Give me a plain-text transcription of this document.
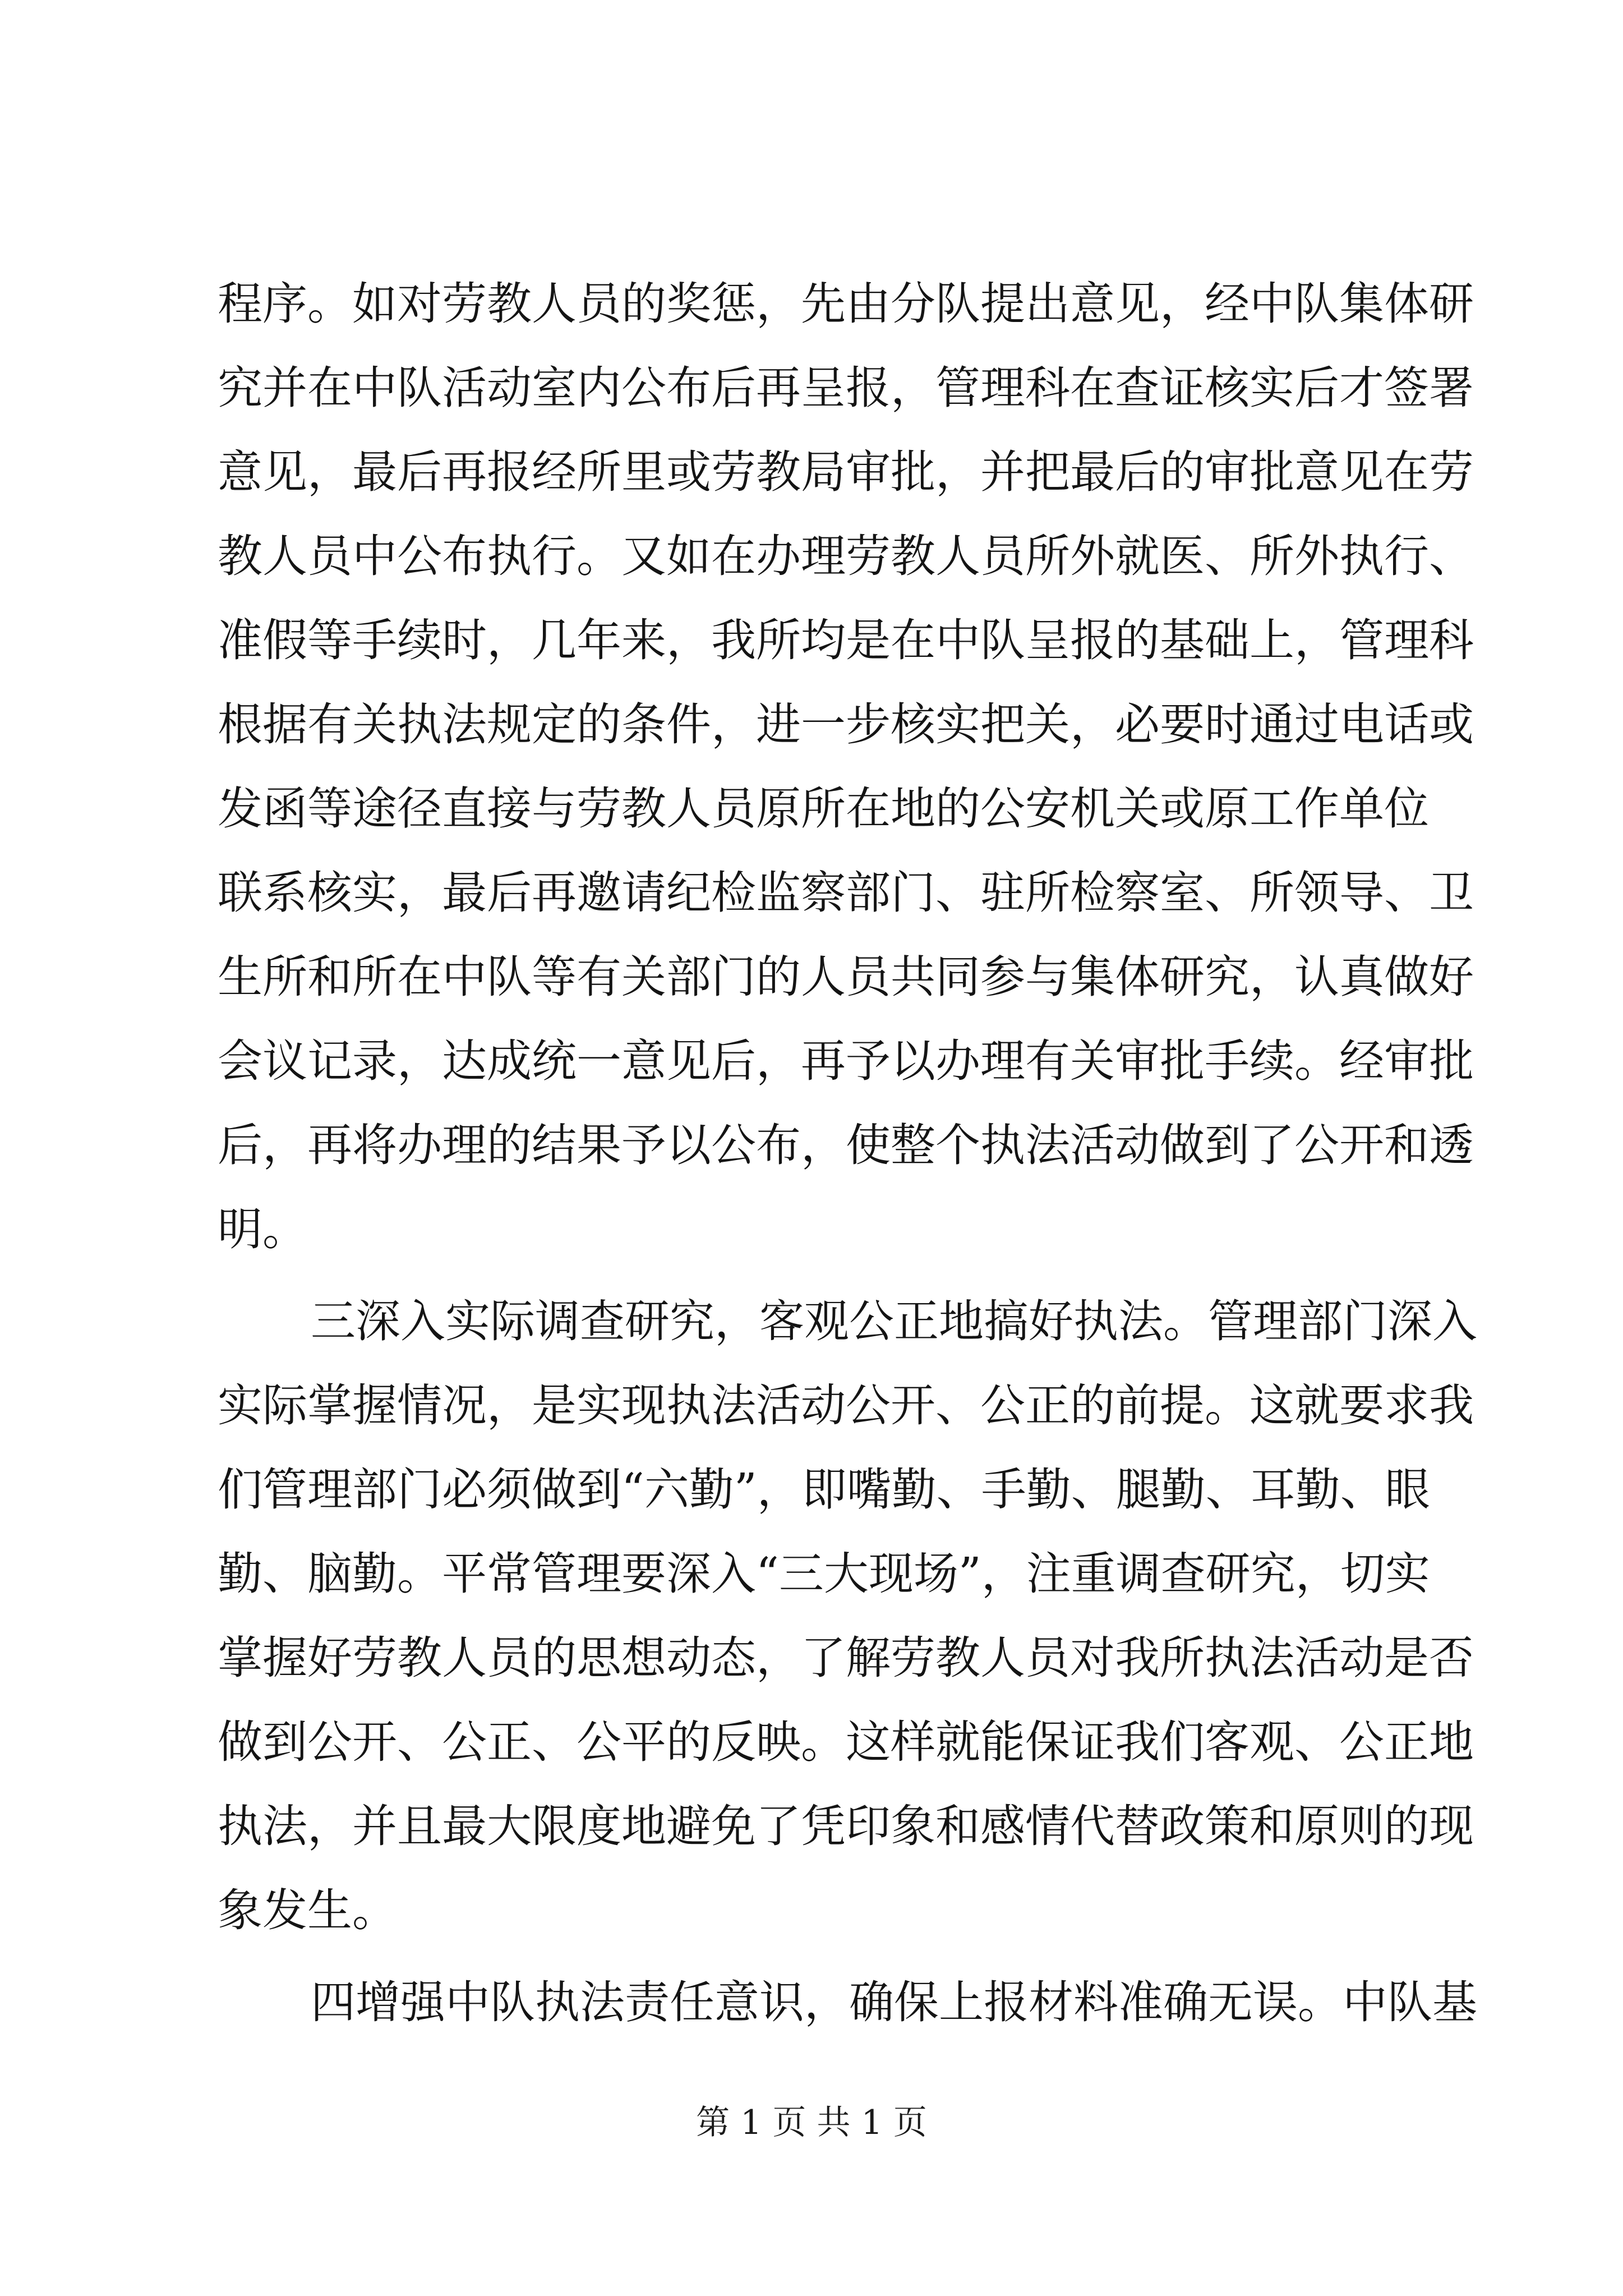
程序。如对劳教人员的奖惩，先由分队提出意见，经中队集体研
究并在中队活动室内公布后再呈报，管理科在查证核实后才签署
意见，最后再报经所里或劳教局审批，并把最后的审批意见在劳
教人员中公布执行。又如在办理劳教人员所外就医、所外执行、
准假等手续时，几年来，我所均是在中队呈报的基础上，管理科
根据有关执法规定的条件，进一步核实把关，必要时通过电话或
发函等途径直接与劳教人员原所在地的公安机关或原工作单位
联系核实，最后再邀请纪检监察部门、驻所检察室、所领导、卫
生所和所在中队等有关部门的人员共同参与集体研究，认真做好
会议记录，达成统一意见后，再予以办理有关审批手续。经审批
后，再将办理的结果予以公布，使整个执法活动做到了公开和透
明。
三深入实际调查研究，客观公正地搞好执法。管理部门深入
实际掌握情况，是实现执法活动公开、公正的前提。这就要求我
们管理部门必须做到“六勤”，即嘴勤、手勤、腿勤、耳勤、眼
勤、脑勤。平常管理要深入“三大现场”，注重调查研究，切实
掌握好劳教人员的思想动态，了解劳教人员对我所执法活动是否
做到公开、公正、公平的反映。这样就能保证我们客观、公正地
执法，并且最大限度地避免了凭印象和感情代替政策和原则的现
象发生。
四增强中队执法责任意识，确保上报材料准确无误。中队基
第 1 页 共 1 页
